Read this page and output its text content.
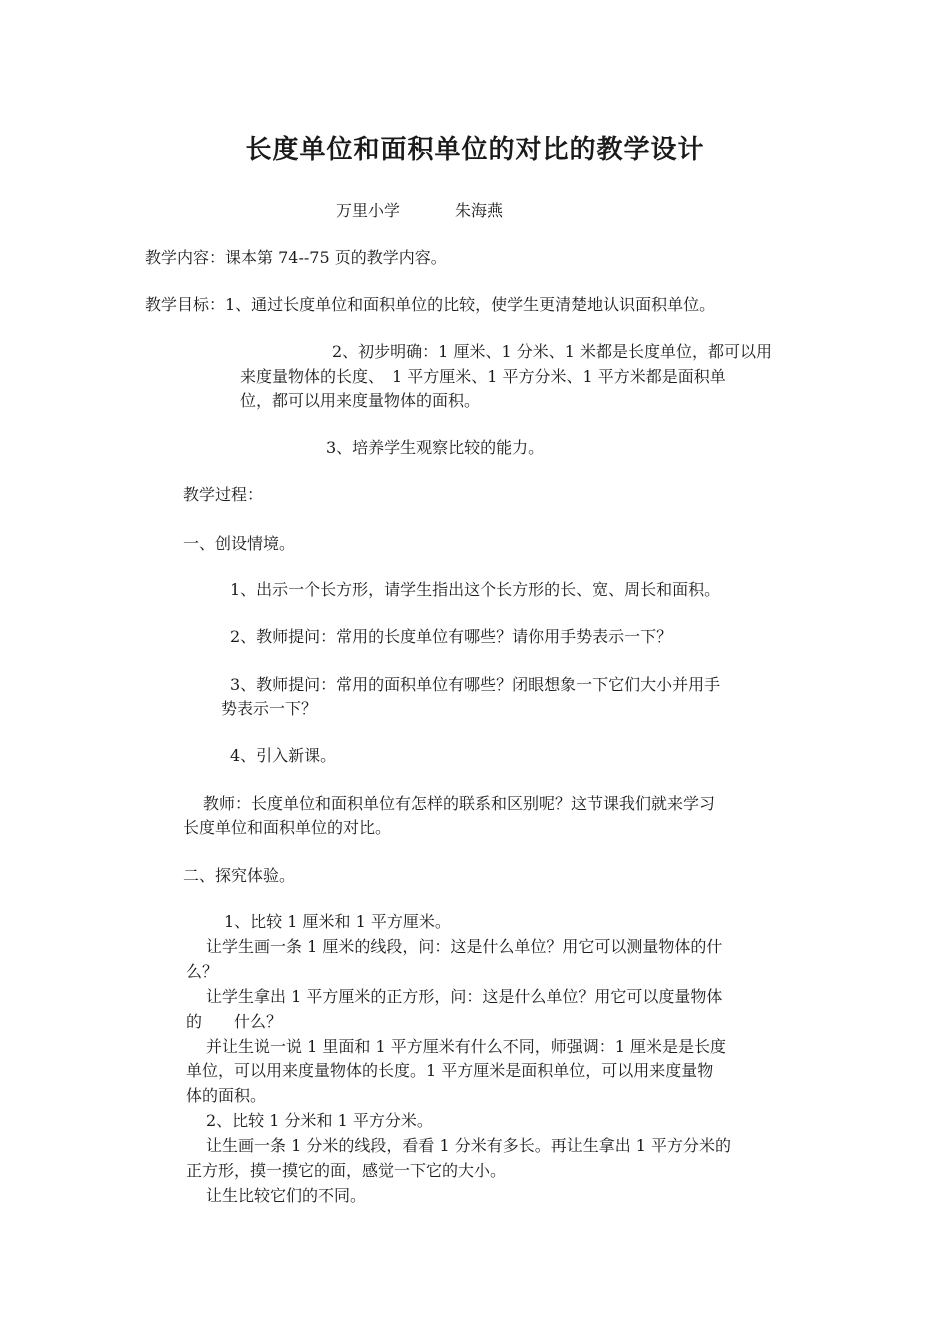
长度单位和面积单位的对比的教学设计
万里小学	朱海燕
教学内容：课本第 74--75 页的教学内容。
教学目标：1、通过长度单位和面积单位的比较，使学生更清楚地认识面积单位。
2、初步明确：1 厘米、1 分米、1 米都是长度单位，都可以用
来度量物体的长度、　1 平方厘米、1 平方分米、1 平方米都是面积单
位，都可以用来度量物体的面积。
3、培养学生观察比较的能力。
教学过程：
一、创设情境。
1、出示一个长方形，请学生指出这个长方形的长、宽、周长和面积。
2、教师提问：常用的长度单位有哪些？请你用手势表示一下？
3、教师提问：常用的面积单位有哪些？闭眼想象一下它们大小并用手
势表示一下？
4、引入新课。
教师：长度单位和面积单位有怎样的联系和区别呢？这节课我们就来学习
长度单位和面积单位的对比。
二、探究体验。
1、比较 1 厘米和 1 平方厘米。
让学生画一条 1 厘米的线段，问：这是什么单位？用它可以测量物体的什
么？
让学生拿出 1 平方厘米的正方形，问：这是什么单位？用它可以度量物体
的　　什么？
并让生说一说 1 里面和 1 平方厘米有什么不同，师强调：1 厘米是是长度
单位，可以用来度量物体的长度。1 平方厘米是面积单位，可以用来度量物
体的面积。
2、比较 1 分米和 1 平方分米。
让生画一条 1 分米的线段，看看 1 分米有多长。再让生拿出 1 平方分米的
正方形，摸一摸它的面，感觉一下它的大小。
让生比较它们的不同。
